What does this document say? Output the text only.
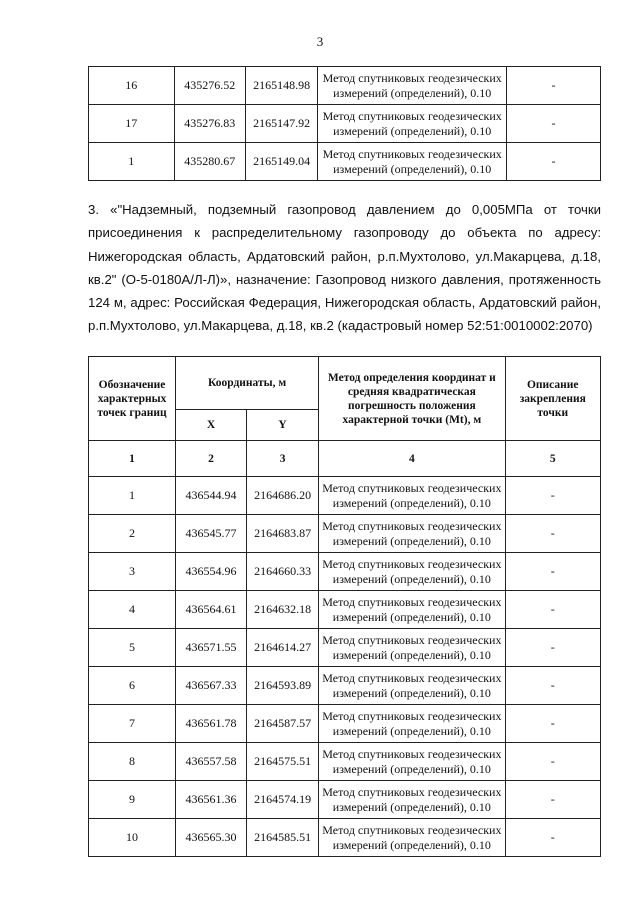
3
16	435276.52	2165148.98	Метод спутниковых геодезических измерений (определений), 0.10	-
17	435276.83	2165147.92	Метод спутниковых геодезических измерений (определений), 0.10	-
1	435280.67	2165149.04	Метод спутниковых геодезических измерений (определений), 0.10	-

3. «"Надземный, подземный газопровод давлением до 0,005МПа от точки присоединения к распределительному газопроводу до объекта по адресу: Нижегородская область, Ардатовский район, р.п.Мухтолово, ул.Макарцева, д.18, кв.2" (О-5-0180А/Л-Л)», назначение: Газопровод низкого давления, протяженность 124 м, адрес: Российская Федерация, Нижегородская область, Ардатовский район, р.п.Мухтолово, ул.Макарцева, д.18, кв.2 (кадастровый номер 52:51:0010002:2070)

Обозначение характерных точек границ	Координаты, м		Метод определения координат и средняя квадратическая погрешность положения характерной точки (Mt), м	Описание закрепления точки
	X	Y		
1	2	3	4	5
1	436544.94	2164686.20	Метод спутниковых геодезических измерений (определений), 0.10	-
2	436545.77	2164683.87	Метод спутниковых геодезических измерений (определений), 0.10	-
3	436554.96	2164660.33	Метод спутниковых геодезических измерений (определений), 0.10	-
4	436564.61	2164632.18	Метод спутниковых геодезических измерений (определений), 0.10	-
5	436571.55	2164614.27	Метод спутниковых геодезических измерений (определений), 0.10	-
6	436567.33	2164593.89	Метод спутниковых геодезических измерений (определений), 0.10	-
7	436561.78	2164587.57	Метод спутниковых геодезических измерений (определений), 0.10	-
8	436557.58	2164575.51	Метод спутниковых геодезических измерений (определений), 0.10	-
9	436561.36	2164574.19	Метод спутниковых геодезических измерений (определений), 0.10	-
10	436565.30	2164585.51	Метод спутниковых геодезических измерений (определений), 0.10	-
